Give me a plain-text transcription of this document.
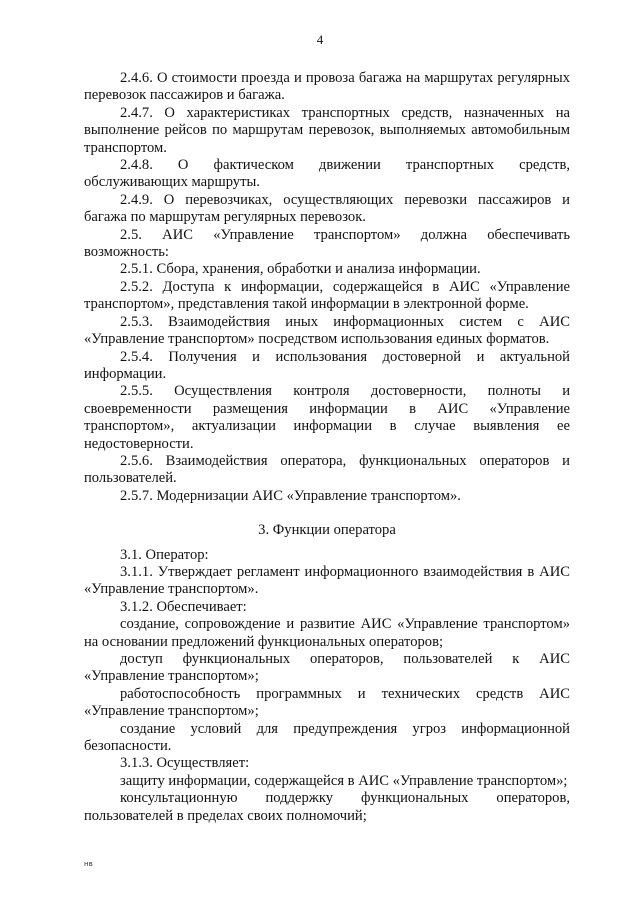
4

2.4.6. О стоимости проезда и провоза багажа на маршрутах регулярных перевозок пассажиров и багажа.

2.4.7. О характеристиках транспортных средств, назначенных на выполнение рейсов по маршрутам перевозок, выполняемых автомобильным транспортом.

2.4.8. О фактическом движении транспортных средств, обслуживающих маршруты.

2.4.9. О перевозчиках, осуществляющих перевозки пассажиров и багажа по маршрутам регулярных перевозок.

2.5. АИС «Управление транспортом» должна обеспечивать возможность:

2.5.1. Сбора, хранения, обработки и анализа информации.

2.5.2. Доступа к информации, содержащейся в АИС «Управление транспортом», представления такой информации в электронной форме.

2.5.3. Взаимодействия иных информационных систем с АИС «Управление транспортом» посредством использования единых форматов.

2.5.4. Получения и использования достоверной и актуальной информации.

2.5.5. Осуществления контроля достоверности, полноты и своевременности размещения информации в АИС «Управление транспортом», актуализации информации в случае выявления ее недостоверности.

2.5.6. Взаимодействия оператора, функциональных операторов и пользователей.

2.5.7. Модернизации АИС «Управление транспортом».

3. Функции оператора

3.1. Оператор:

3.1.1. Утверждает регламент информационного взаимодействия в АИС «Управление транспортом».

3.1.2. Обеспечивает:

создание, сопровождение и развитие АИС «Управление транспортом» на основании предложений функциональных операторов;

доступ функциональных операторов, пользователей к АИС «Управление транспортом»;

работоспособность программных и технических средств АИС «Управление транспортом»;

создание условий для предупреждения угроз информационной безопасности.

3.1.3. Осуществляет:

защиту информации, содержащейся в АИС «Управление транспортом»;

консультационную поддержку функциональных операторов, пользователей в пределах своих полномочий;

нв
